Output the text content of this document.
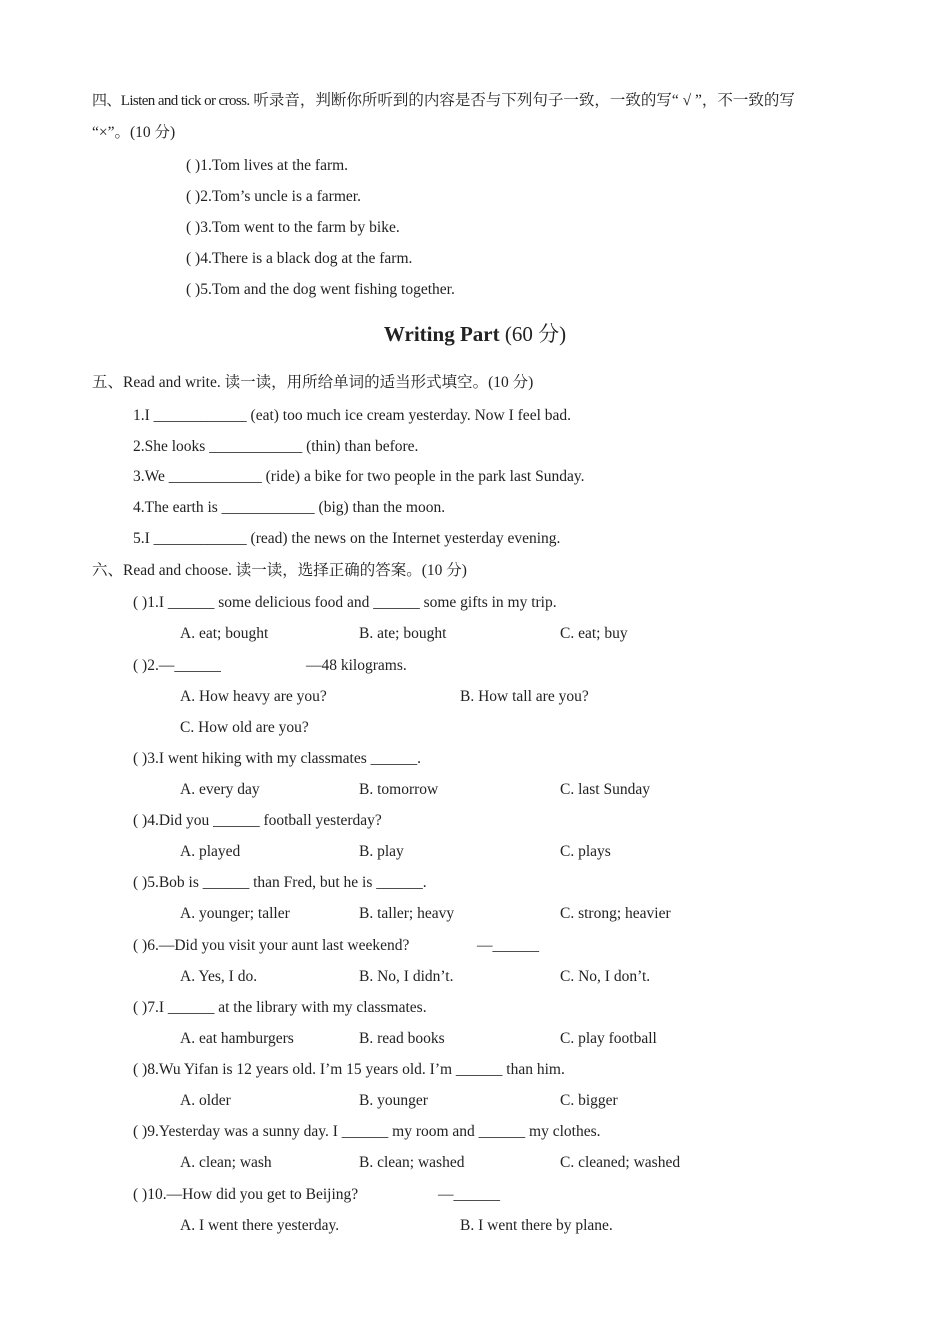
四、Listen and tick or cross. 听录音，判断你所听到的内容是否与下列句子一致，一致的写“ √ ”，不一致的写
“×”。(10 分)
( )1.Tom lives at the farm.
( )2.Tom’s uncle is a farmer.
( )3.Tom went to the farm by bike.
( )4.There is a black dog at the farm.
( )5.Tom and the dog went fishing together.
Writing Part (60 分)
五、Read and write. 读一读，用所给单词的适当形式填空。(10 分)
1.I ____________ (eat) too much ice cream yesterday. Now I feel bad.
2.She looks ____________ (thin) than before.
3.We ____________ (ride) a bike for two people in the park last Sunday.
4.The earth is ____________ (big) than the moon.
5.I ____________ (read) the news on the Internet yesterday evening.
六、Read and choose. 读一读，选择正确的答案。(10 分)
( )1.I ______ some delicious food and ______ some gifts in my trip.
A. eat; bought	B. ate; bought	C. eat; buy
( )2.—______	—48 kilograms.
A. How heavy are you?	B. How tall are you?
C. How old are you?
( )3.I went hiking with my classmates ______.
A. every day	B. tomorrow	C. last Sunday
( )4.Did you ______ football yesterday?
A. played	B. play	C. plays
( )5.Bob is ______ than Fred, but he is ______.
A. younger; taller	B. taller; heavy	C. strong; heavier
( )6.—Did you visit your aunt last weekend?	—______
A. Yes, I do.	B. No, I didn’t.	C. No, I don’t.
( )7.I ______ at the library with my classmates.
A. eat hamburgers	B. read books	C. play football
( )8.Wu Yifan is 12 years old. I’m 15 years old. I’m ______ than him.
A. older	B. younger	C. bigger
( )9.Yesterday was a sunny day. I ______ my room and ______ my clothes.
A. clean; wash	B. clean; washed	C. cleaned; washed
( )10.—How did you get to Beijing?	—______
A. I went there yesterday.	B. I went there by plane.
